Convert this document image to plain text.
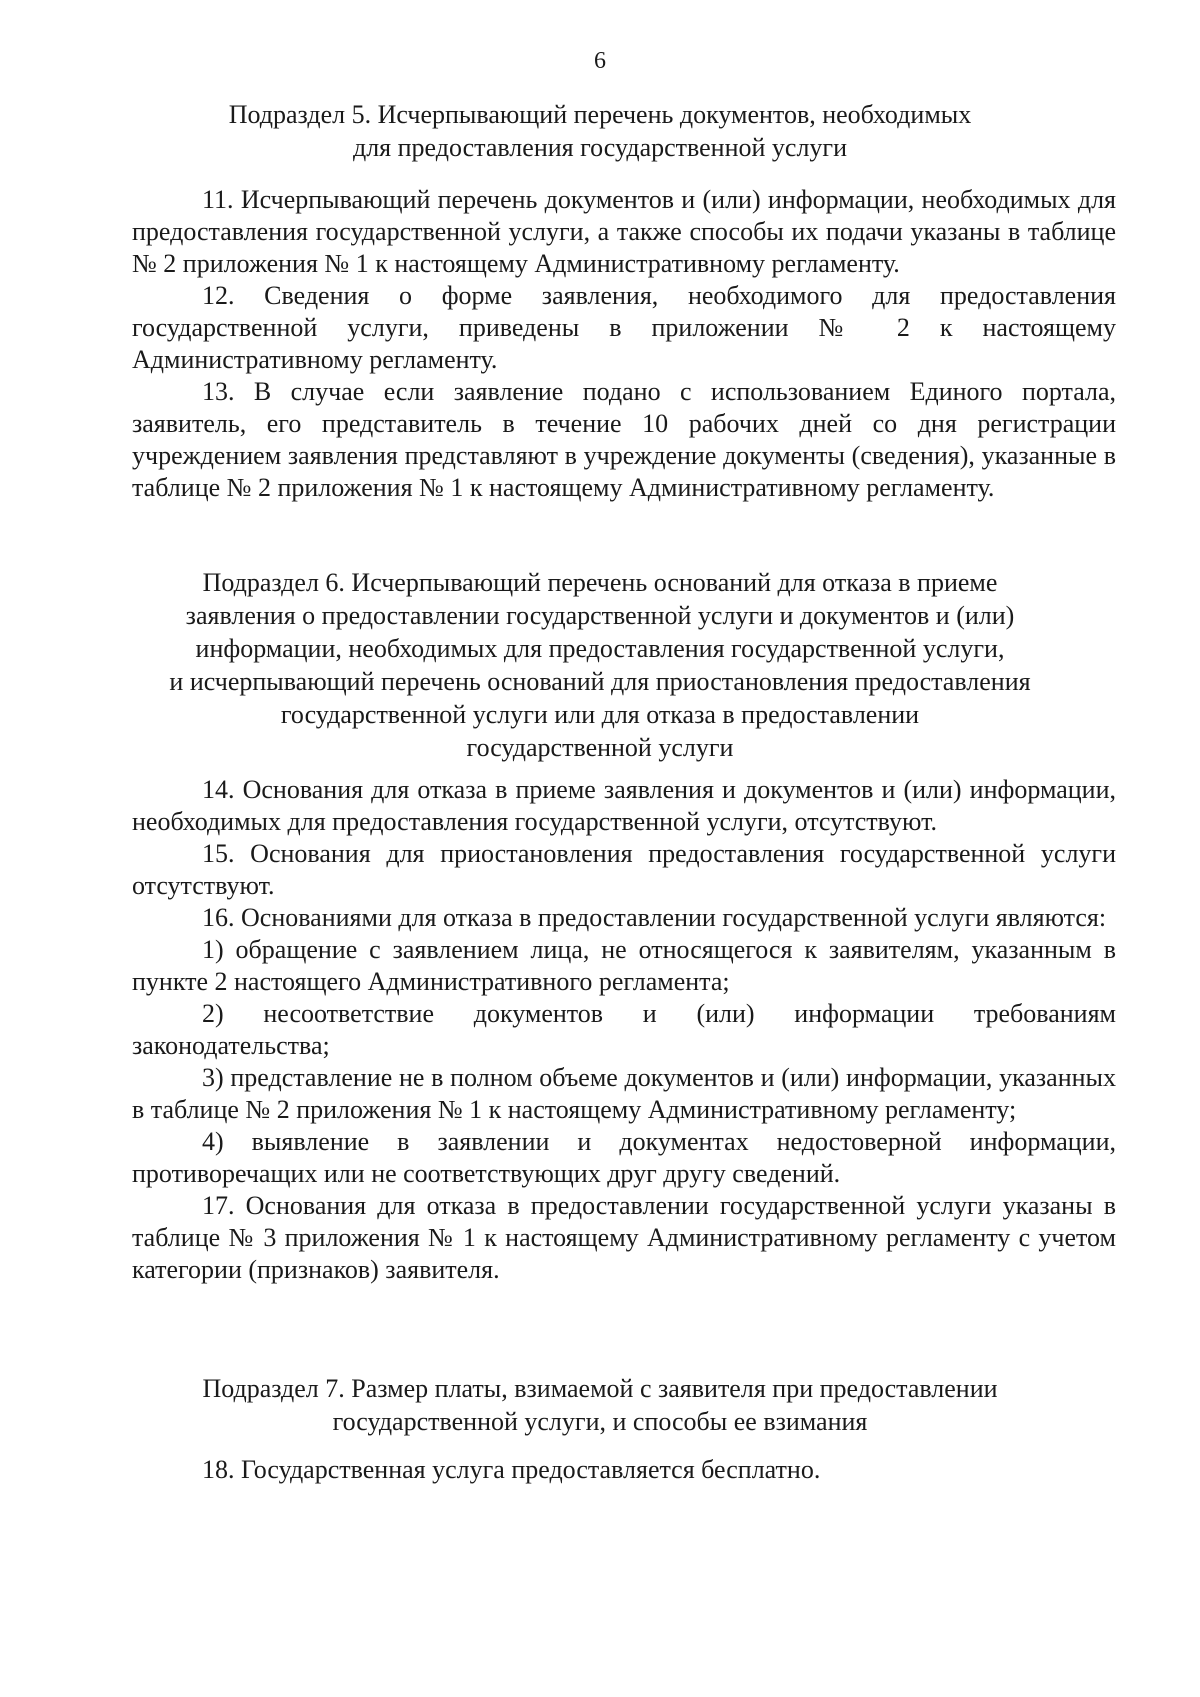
6
Подраздел 5. Исчерпывающий перечень документов, необходимых
для предоставления государственной услуги

11. Исчерпывающий перечень документов и (или) информации, необходимых для предоставления государственной услуги, а также способы их подачи указаны в таблице № 2 приложения № 1 к настоящему Административному регламенту.

12. Сведения о форме заявления, необходимого для предоставления государственной услуги, приведены в приложении № 2 к настоящему Административному регламенту.

13. В случае если заявление подано с использованием Единого портала, заявитель, его представитель в течение 10 рабочих дней со дня регистрации учреждением заявления представляют в учреждение документы (сведения), указанные в таблице № 2 приложения № 1 к настоящему Административному регламенту.

Подраздел 6. Исчерпывающий перечень оснований для отказа в приеме
заявления о предоставлении государственной услуги и документов и (или)
информации, необходимых для предоставления государственной услуги,
и исчерпывающий перечень оснований для приостановления предоставления
государственной услуги или для отказа в предоставлении
государственной услуги

14. Основания для отказа в приеме заявления и документов и (или) информации, необходимых для предоставления государственной услуги, отсутствуют.

15. Основания для приостановления предоставления государственной услуги отсутствуют.

16. Основаниями для отказа в предоставлении государственной услуги являются:

1) обращение с заявлением лица, не относящегося к заявителям, указанным в пункте 2 настоящего Административного регламента;

2) несоответствие документов и (или) информации требованиям законодательства;

3) представление не в полном объеме документов и (или) информации, указанных в таблице № 2 приложения № 1 к настоящему Административному регламенту;

4) выявление в заявлении и документах недостоверной информации, противоречащих или не соответствующих друг другу сведений.

17. Основания для отказа в предоставлении государственной услуги указаны в таблице № 3 приложения № 1 к настоящему Административному регламенту с учетом категории (признаков) заявителя.

Подраздел 7. Размер платы, взимаемой с заявителя при предоставлении
государственной услуги, и способы ее взимания

18. Государственная услуга предоставляется бесплатно.
